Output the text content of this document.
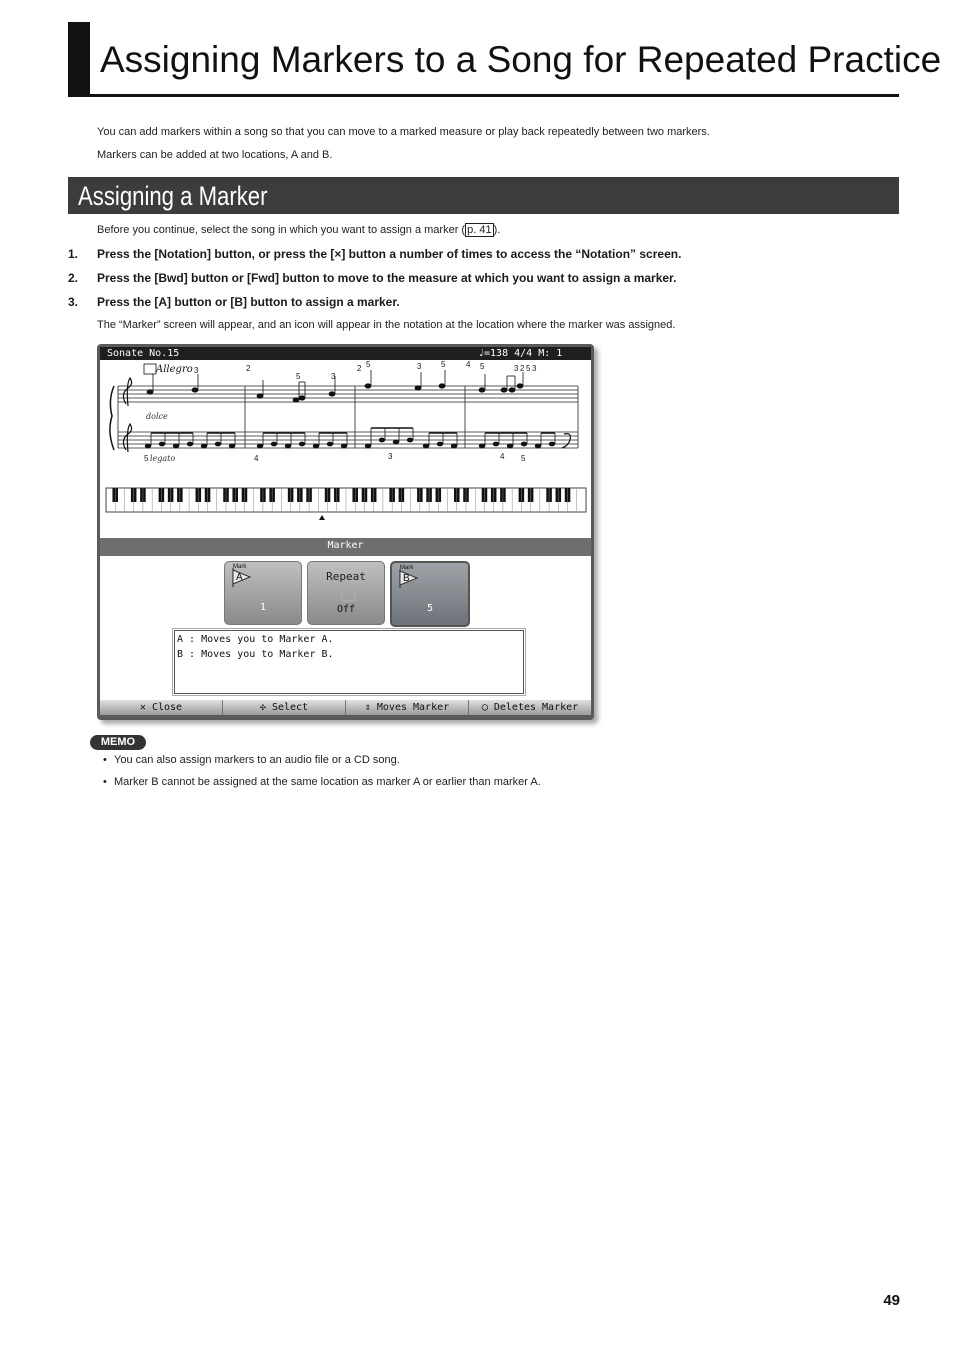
Assigning Markers to a Song for Repeated Practice
You can add markers within a song so that you can move to a marked measure or play back repeatedly between two markers.
Markers can be added at two locations, A and B.
Assigning a Marker
Before you continue, select the song in which you want to assign a marker ( p. 41 ).
1. Press the [Notation] button, or press the [×] button a number of times to access the “Notation” screen.
2. Press the [Bwd] button or [Fwd] button to move to the measure at which you want to assign a marker.
3. Press the [A] button or [B] button to assign a marker.
The “Marker” screen will appear, and an icon will appear in the notation at the location where the marker was assigned.
Sonate No.15	♩=138 4/4 M: 1
Allegro
dolce
legato
3	2
5	3
2 5	3	4
5	5	3 2 5 3
5	4	3	4 5
Marker
Mark
A
1
Repeat
Off
Mark
B
5
A : Moves you to Marker A.
B : Moves you to Marker B.
✕ Close	✣ Select	⇕ Moves Marker	◯ Deletes Marker
MEMO
• You can also assign markers to an audio file or a CD song.
• Marker B cannot be assigned at the same location as marker A or earlier than marker A.
49
